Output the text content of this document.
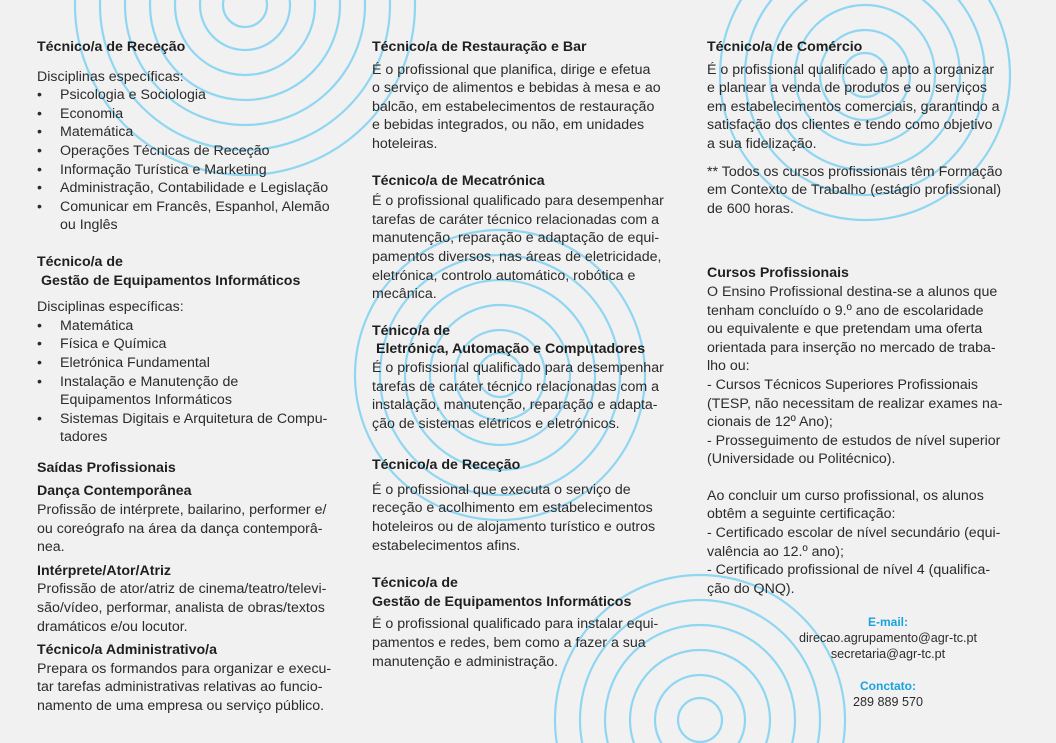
Técnico/a de Receção

Disciplinas específicas:

• Psicologia e Sociologia
• Economia
• Matemática
• Operações Técnicas de Receção
• Informação Turística e Marketing
• Administração, Contabilidade e Legislação
• Comunicar em Francês, Espanhol, Alemão
ou Inglês
Técnico/a de
Gestão de Equipamentos Informáticos

Disciplinas específicas:

• Matemática
• Física e Química
• Eletrónica Fundamental
• Instalação e Manutenção de
Equipamentos Informáticos
• Sistemas Digitais e Arquitetura de Compu-
tadores
Saídas Profissionais
Dança Contemporânea
Profissão de intérprete, bailarino, performer e/
ou coreógrafo na área da dança contemporâ-
nea.
Intérprete/Ator/Atriz
Profissão de ator/atriz de cinema/teatro/televi-
são/vídeo, performar, analista de obras/textos
dramáticos e/ou locutor.
Técnico/a Administrativo/a
Prepara os formandos para organizar e execu-
tar tarefas administrativas relativas ao funcio-
namento de uma empresa ou serviço público.
Técnico/a de Restauração e Bar
É o profissional que planifica, dirige e efetua
o serviço de alimentos e bebidas à mesa e ao
balcão, em estabelecimentos de restauração
e bebidas integrados, ou não, em unidades
hoteleiras.
Técnico/a de Mecatrónica
É o profissional qualificado para desempenhar
tarefas de caráter técnico relacionadas com a
manutenção, reparação e adaptação de equi-
pamentos diversos, nas áreas de eletricidade,
eletrónica, controlo automático, robótica e
mecânica.
Ténico/a de
Eletrónica, Automação e Computadores
É o profissional qualificado para desempenhar
tarefas de caráter técnico relacionadas com a
instalação, manutenção, reparação e adapta-
ção de sistemas elétricos e eletrónicos.
Técnico/a de Receção
É o profissional que executa o serviço de
receção e acolhimento em estabelecimentos
hoteleiros ou de alojamento turístico e outros
estabelecimentos afins.
Técnico/a de
Gestão de Equipamentos Informáticos
É o profissional qualificado para instalar equi-
pamentos e redes, bem como a fazer a sua
manutenção e administração.
Técnico/a de Comércio
É o profissional qualificado e apto a organizar
e planear a venda de produtos e ou serviços
em estabelecimentos comerciais, garantindo a
satisfação dos clientes e tendo como objetivo
a sua fidelização.
** Todos os cursos profissionais têm Formação
em Contexto de Trabalho (estágio profissional)
de 600 horas.
Cursos Profissionais
O Ensino Profissional destina-se a alunos que
tenham concluído o 9.º ano de escolaridade
ou equivalente e que pretendam uma oferta
orientada para inserção no mercado de traba-
lho ou:
- Cursos Técnicos Superiores Profissionais
(TESP, não necessitam de realizar exames na-
cionais de 12º Ano);
- Prosseguimento de estudos de nível superior
(Universidade ou Politécnico).
Ao concluir um curso profissional, os alunos
obtêm a seguinte certificação:
- Certificado escolar de nível secundário (equi-
valência ao 12.º ano);
- Certificado profissional de nível 4 (qualifica-
ção do QNQ).
E-mail:
direcao.agrupamento@agr-tc.pt
secretaria@agr-tc.pt
Conctato:
289 889 570
